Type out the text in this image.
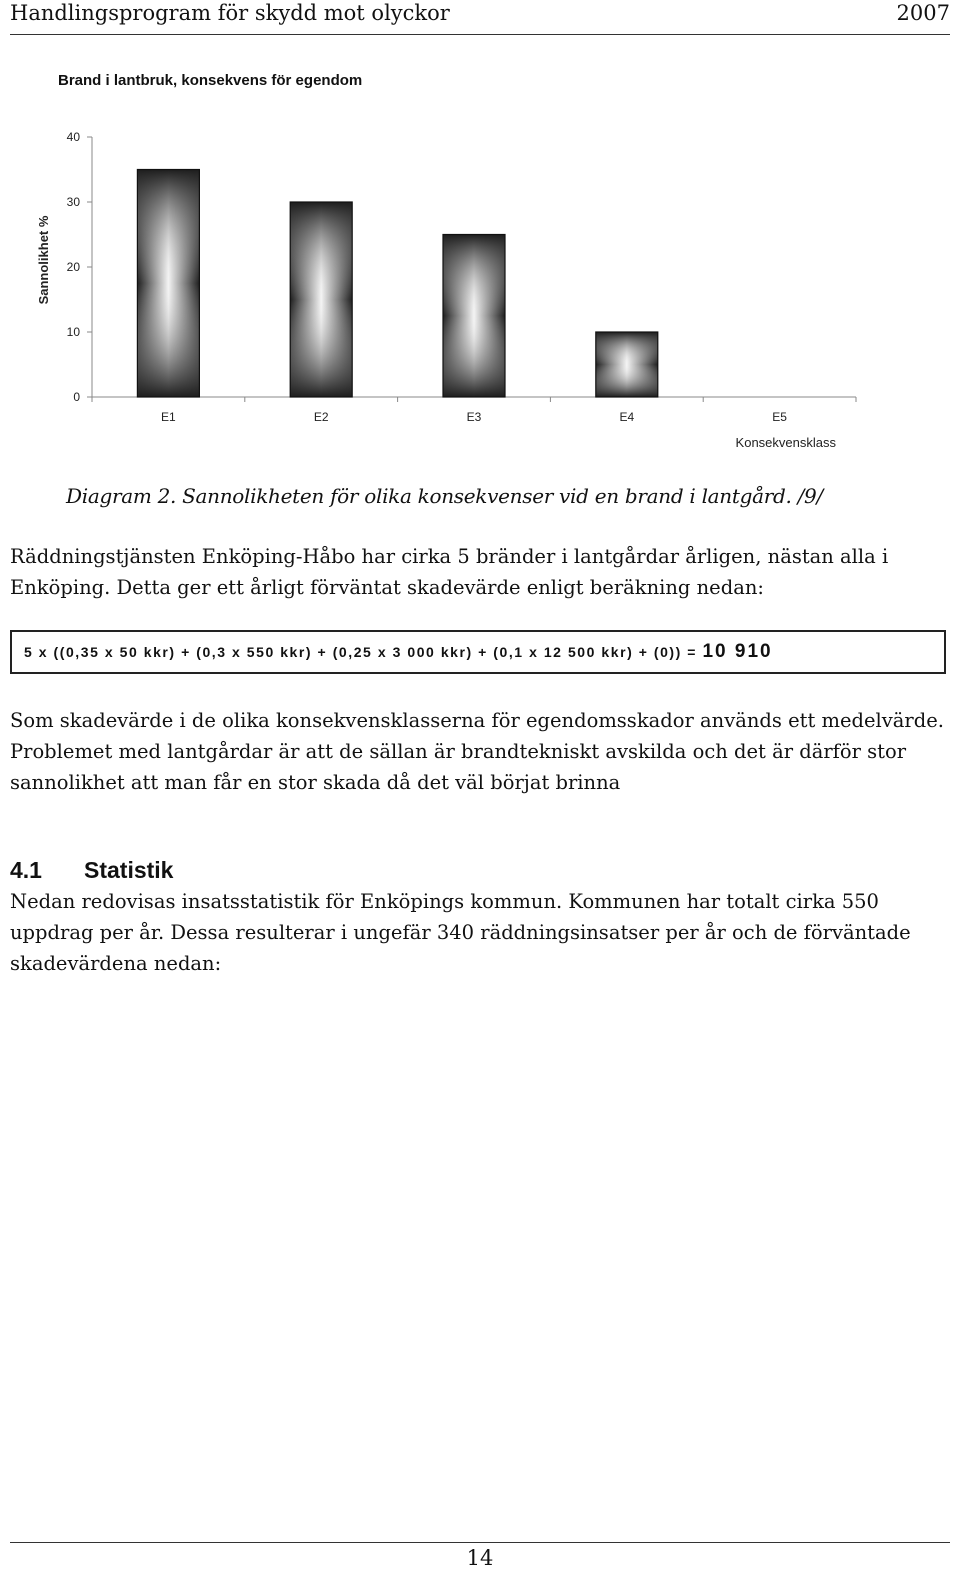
Handlingsprogram för skydd mot olyckor	2007
Brand i lantbruk, konsekvens för egendom
0
10
20
30
40
Sannolikhet %
E1	E2	E3	E4	E5
Konsekvensklass
Diagram 2. Sannolikheten för olika konsekvenser vid en brand i lantgård. /9/

Räddningstjänsten Enköping-Håbo har cirka 5 bränder i lantgårdar årligen, nästan alla i Enköping. Detta ger ett årligt förväntat skadevärde enligt beräkning nedan:

5 x ((0,35 x 50 kkr) + (0,3 x 550 kkr) + (0,25 x 3 000 kkr) + (0,1 x 12 500 kkr) + (0)) = 10 910

Som skadevärde i de olika konsekvensklasserna för egendomsskador används ett medelvärde. Problemet med lantgårdar är att de sällan är brandtekniskt avskilda och det är därför stor sannolikhet att man får en stor skada då det väl börjat brinna

4.1 Statistik

Nedan redovisas insatsstatistik för Enköpings kommun. Kommunen har totalt cirka 550 uppdrag per år. Dessa resulterar i ungefär 340 räddningsinsatser per år och de förväntade skadevärdena nedan:

14
